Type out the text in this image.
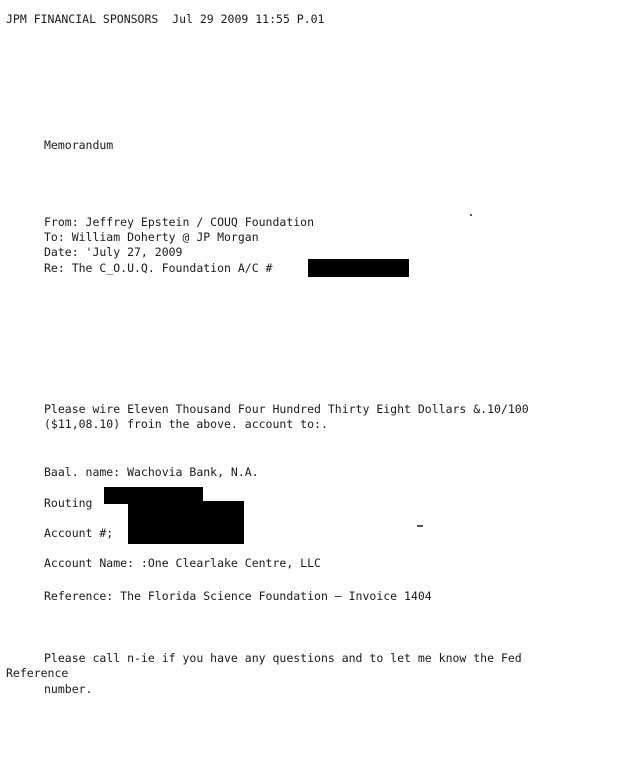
JPM FINANCIAL SPONSORS  Jul 29 2009 11:55 P.01
Memorandum
From: Jeffrey Epstein / COUQ Foundation
To: William Doherty @ JP Morgan
Date: 'July 27, 2009
Re: The C_O.U.Q. Foundation A/C #
Please wire Eleven Thousand Four Hundred Thirty Eight Dollars &.10/100
($11,08.10) froin the above. account to:.
Baal. name: Wachovia Bank, N.A.
Routing
Account #;
Account Name: :One Clearlake Centre, LLC
Reference: The Florida Science Foundation — Invoice 1404
Please call n-ie if you have any questions and to let me know the Fed
Reference
number.
